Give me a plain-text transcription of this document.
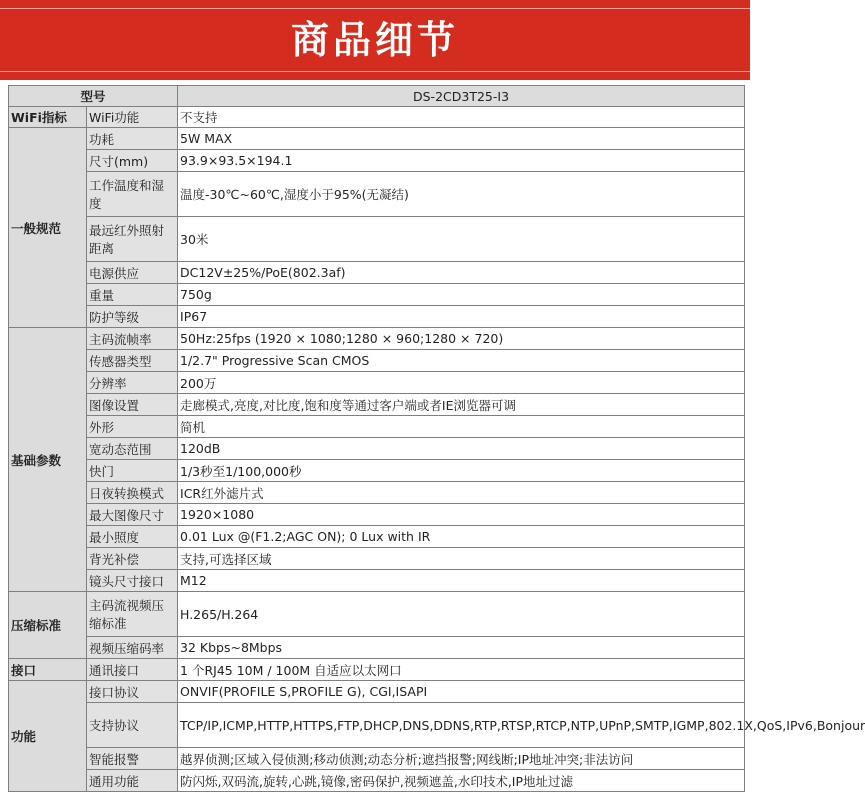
商品细节
型号		DS-2CD3T25-I3
WiFi指标	WiFi功能	不支持
一般规范	功耗	5W MAX
	尺寸(mm)	93.9×93.5×194.1
	工作温度和湿度	温度-30℃~60℃,湿度小于95%(无凝结)
	最远红外照射距离	30米
	电源供应	DC12V±25%/PoE(802.3af)
	重量	750g
	防护等级	IP67
基础参数	主码流帧率	50Hz:25fps (1920 × 1080;1280 × 960;1280 × 720)
	传感器类型	1/2.7" Progressive Scan CMOS
	分辨率	200万
	图像设置	走廊模式,亮度,对比度,饱和度等通过客户端或者IE浏览器可调
	外形	简机
	宽动态范围	120dB
	快门	1/3秒至1/100,000秒
	日夜转换模式	ICR红外滤片式
	最大图像尺寸	1920×1080
	最小照度	0.01 Lux @(F1.2;AGC ON); 0 Lux with IR
	背光补偿	支持,可选择区域
	镜头尺寸接口	M12
压缩标准	主码流视频压缩标准	H.265/H.264
	视频压缩码率	32 Kbps~8Mbps
接口	通讯接口	1 个RJ45 10M / 100M 自适应以太网口
功能	接口协议	ONVIF(PROFILE S,PROFILE G), CGI,ISAPI
	支持协议	TCP/IP,ICMP,HTTP,HTTPS,FTP,DHCP,DNS,DDNS,RTP,RTSP,RTCP,NTP,UPnP,SMTP,IGMP,802.1X,QoS,IPv6,Bonjour
	智能报警	越界侦测;区域入侵侦测;移动侦测;动态分析;遮挡报警;网线断;IP地址冲突;非法访问
	通用功能	防闪烁,双码流,旋转,心跳,镜像,密码保护,视频遮盖,水印技术,IP地址过滤
